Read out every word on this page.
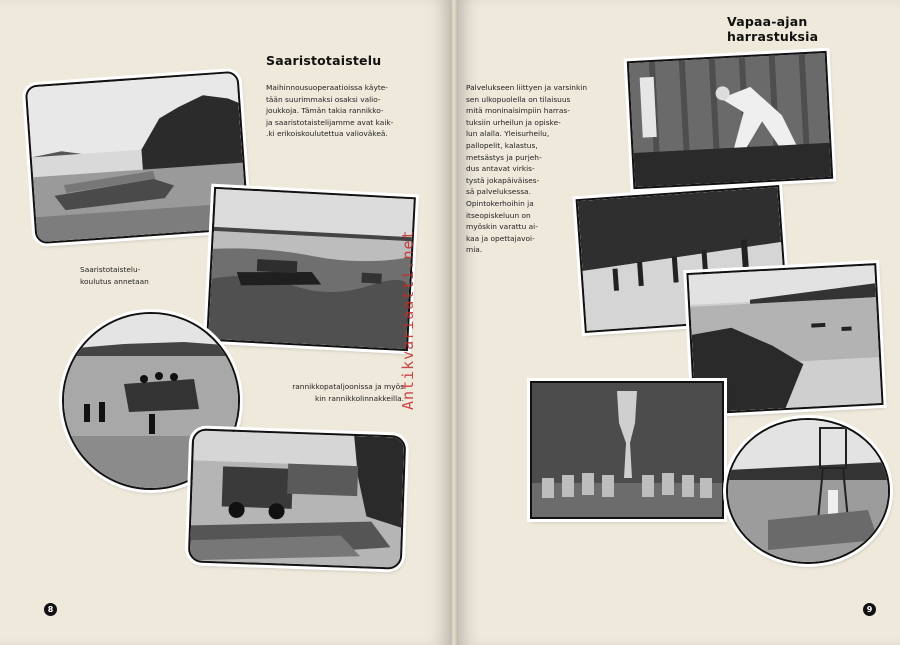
Saaristotaistelu
Maihinnousuoperaatioissa käyte-
tään suurimmaksi osaksi valio-
joukkoja. Tämän takia rannikko-
ja saaristotaistelijamme avat kaik-
.ki erikoiskoulutettua valioväkeä.
Saaristotaistelu-
koulutus annetaan
rannikkopataljoonissa ja myös
kin rannikkolinnakkeilla.
Antikvariaatti.net
8
Vapaa-ajan harrastuksia
Palvelukseen liittyen ja varsinkin
sen ulkopuolella on tilaisuus
mitä moninaisimpiin harras-
tuksiin urheilun ja opiske-
lun alalla. Yleisurheilu,
pallopelit, kalastus,
metsästys ja purjeh-
dus antavat virkis-
tystä jokapäiväises-
sä palveluksessa.
Opintokerhoihin ja
itseopiskeluun on
myöskin varattu ai-
kaa ja opettajavoi-
mia.
9
